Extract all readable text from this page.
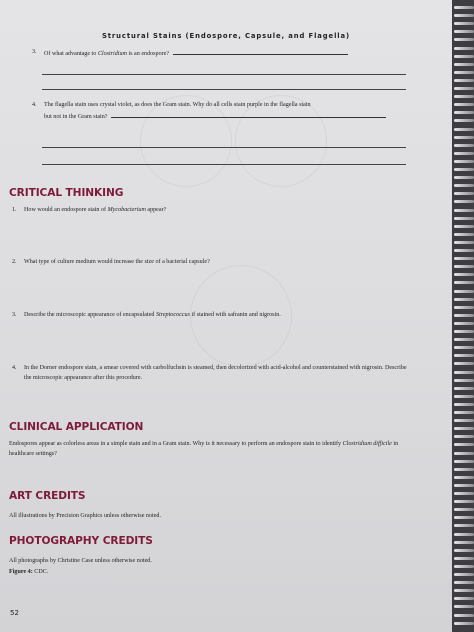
Structural Stains (Endospore, Capsule, and Flagella)
3.	Of what advantage to Clostridium is an endospore?
4.	The flagella stain uses crystal violet, as does the Gram stain. Why do all cells stain purple in the flagella stain
but not in the Gram stain?
CRITICAL THINKING
1.	How would an endospore stain of Mycobacterium appear?
2.	What type of culture medium would increase the size of a bacterial capsule?
3.	Describe the microscopic appearance of encapsulated Streptococcus if stained with safranin and nigrosin.
4.	In the Dorner endospore stain, a smear covered with carbolfuchsin is steamed, then decolorized with acid-alcohol and counterstained with nigrosin. Describe the microscopic appearance after this procedure.
CLINICAL APPLICATION
Endospores appear as colorless areas in a simple stain and in a Gram stain. Why is it necessary to perform an endospore stain to identify Clostridium difficile in healthcare settings?
ART CREDITS
All illustrations by Precision Graphics unless otherwise noted.
PHOTOGRAPHY CREDITS
All photographs by Christine Case unless otherwise noted.
Figure 4: CDC.
52
